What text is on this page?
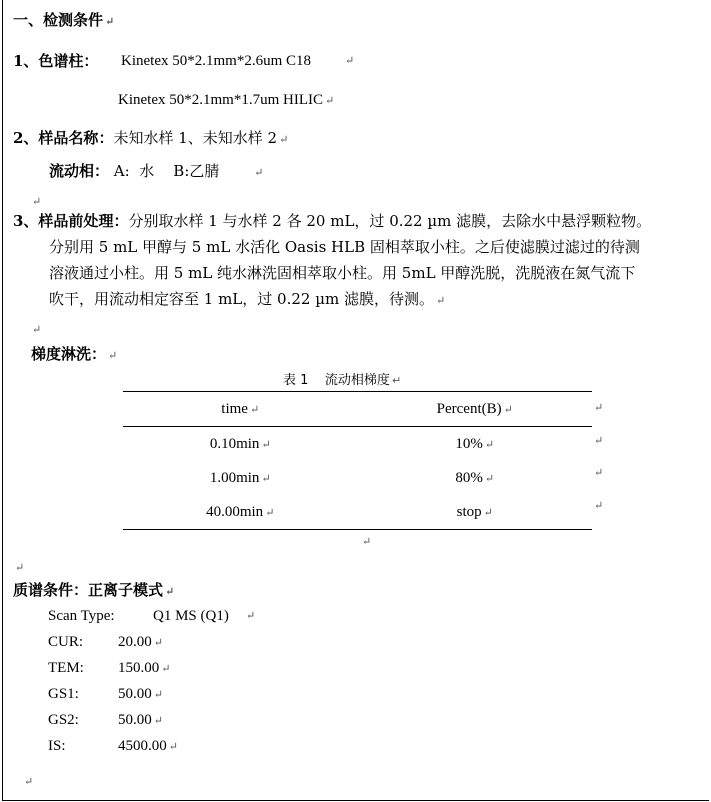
一、检测条件 ↵
1、色谱柱： Kinetex 50*2.1mm*2.6um C18	↵
Kinetex 50*2.1mm*1.7um HILIC ↵
2、样品名称：未知水样 1、未知水样 2 ↵
流动相： A:  水    B:乙腈	↵
↵
3、样品前处理：分别取水样 1 与水样 2 各 20 mL，过 0.22 µm 滤膜，去除水中悬浮颗粒物。
分别用 5 mL 甲醇与 5 mL 水活化 Oasis HLB 固相萃取小柱。之后使滤膜过滤过的待测
溶液通过小柱。用 5 mL 纯水淋洗固相萃取小柱。用 5mL 甲醇洗脱，洗脱液在氮气流下
吹干，用流动相定容至 1 mL，过 0.22 µm 滤膜，待测。 ↵
↵
梯度淋洗： ↵
表 1    流动相梯度 ↵
time ↵	Percent(B) ↵
0.10min ↵	10% ↵
1.00min ↵	80% ↵
40.00min ↵	stop ↵
↵
↵
↵
↵
↵
↵
质谱条件：正离子模式 ↵
Scan Type:	Q1 MS (Q1) ↵
CUR:	20.00 ↵
TEM:	150.00 ↵
GS1:	50.00 ↵
GS2:	50.00 ↵
IS:	4500.00 ↵
↵
